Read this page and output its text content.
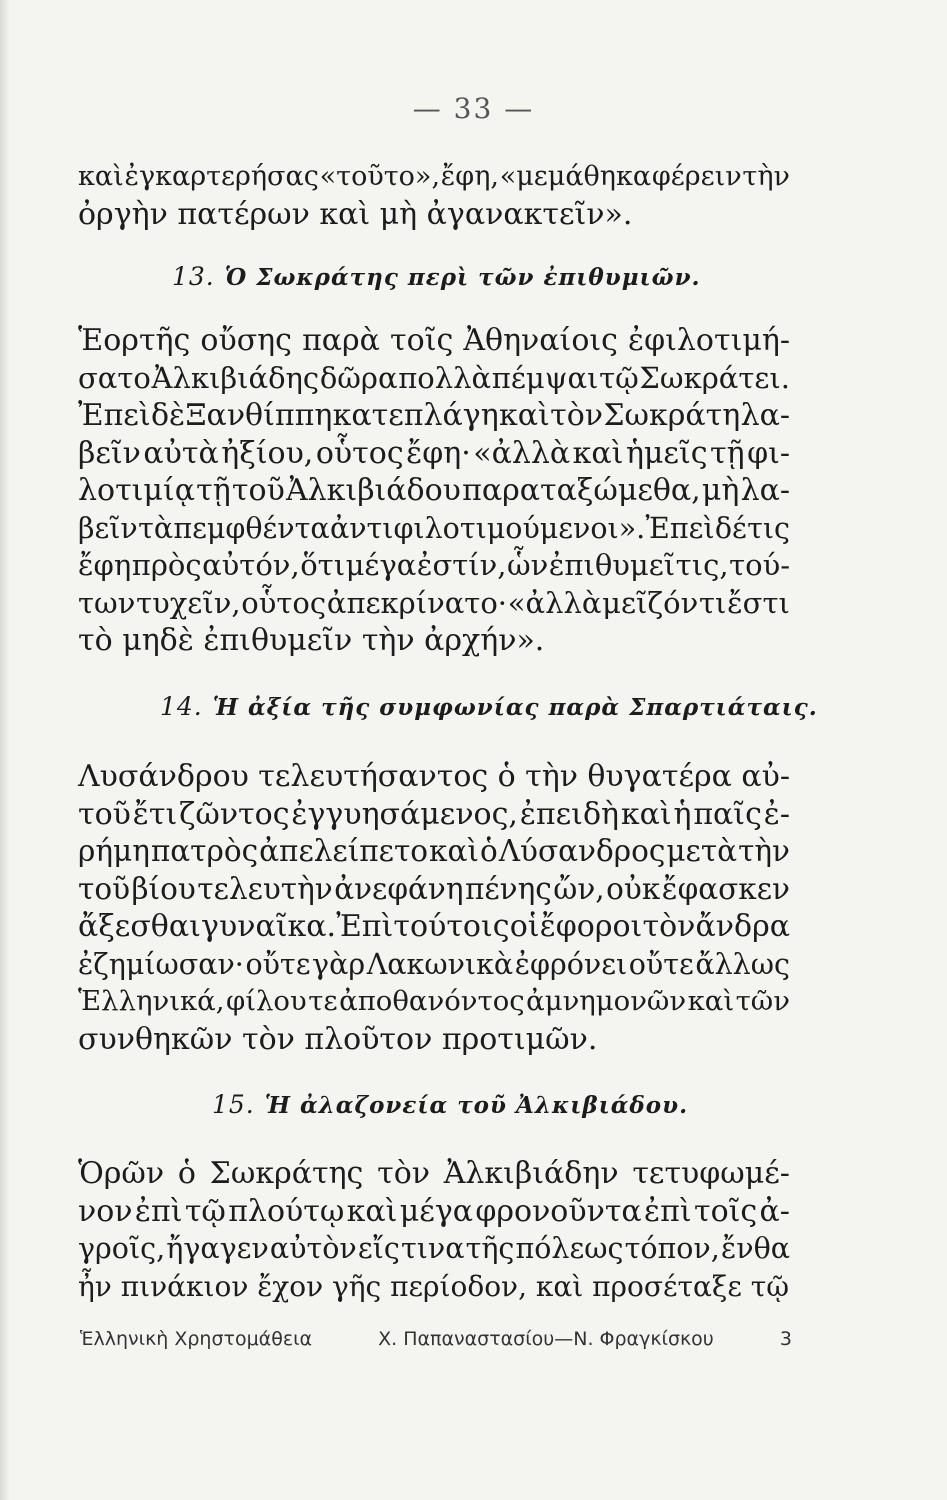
— 33 —
καὶ ἐγκαρτερήσας «τοῦτο», ἔφη, «μεμάθηκα φέρειν τὴν
ὀργὴν πατέρων καὶ μὴ ἀγανακτεῖν».
13. Ὁ Σωκράτης περὶ τῶν ἐπιθυμιῶν.
Ἑορτῆς οὔσης παρὰ τοῖς Ἀθηναίοις ἐφιλοτιμή-
σατο Ἀλκιβιάδης δῶρα πολλὰ πέμψαι τῷ Σωκράτει.
Ἐπεὶ δὲ Ξανθίππη κατεπλάγη καὶ τὸν Σωκράτη λα-
βεῖν αὐτὰ ἠξίου, οὗτος ἔφη· «ἀλλὰ καὶ ἡμεῖς τῇ φι-
λοτιμίᾳ τῇ τοῦ Ἀλκιβιάδου παραταξώμεθα, μὴ λα-
βεῖν τὰ πεμφθέντα ἀντιφιλοτιμούμενοι». Ἐπεὶ δέ τις
ἔφη πρὸς αὐτόν, ὅτι μέγα ἐστίν, ὧν ἐπιθυμεῖ τις, τού-
των τυχεῖν, οὗτος ἀπεκρίνατο· «ἀλλὰ μεῖζόν τι ἔστι
τὸ μηδὲ ἐπιθυμεῖν τὴν ἀρχήν».
14. Ἡ ἀξία τῆς συμφωνίας παρὰ Σπαρτιάταις.
Λυσάνδρου τελευτήσαντος ὁ τὴν θυγατέρα αὐ-
τοῦ ἔτι ζῶντος ἐγγυησάμενος, ἐπειδὴ καὶ ἡ παῖς ἐ-
ρήμη πατρὸς ἀπελείπετο καὶ ὁ Λύσανδρος μετὰ τὴν
τοῦ βίου τελευτὴν ἀνεφάνη πένης ὤν, οὐκ ἔφασκεν
ἄξεσθαι γυναῖκα. Ἐπὶ τούτοις οἱ ἔφοροι τὸν ἄνδρα
ἐζημίωσαν· οὔτε γὰρ Λακωνικὰ ἐφρόνει οὔτε ἄλλως
Ἑλληνικά, φίλου τε ἀποθανόντος ἀμνημονῶν καὶ τῶν
συνθηκῶν τὸν πλοῦτον προτιμῶν.
15. Ἡ ἀλαζονεία τοῦ Ἀλκιβιάδου.
Ὁρῶν ὁ Σωκράτης τὸν Ἀλκιβιάδην τετυφωμέ-
νον ἐπὶ τῷ πλούτῳ καὶ μέγα φρονοῦντα ἐπὶ τοῖς ἀ-
γροῖς, ἤγαγεν αὐτὸν εἴς τινα τῆς πόλεως τόπον, ἔνθα
ἦν πινάκιον ἔχον γῆς περίοδον, καὶ προσέταξε τῷ
Ἑλληνικὴ Χρηστομάθεια	Χ. Παπαναστασίου—Ν. Φραγκίσκου	3
